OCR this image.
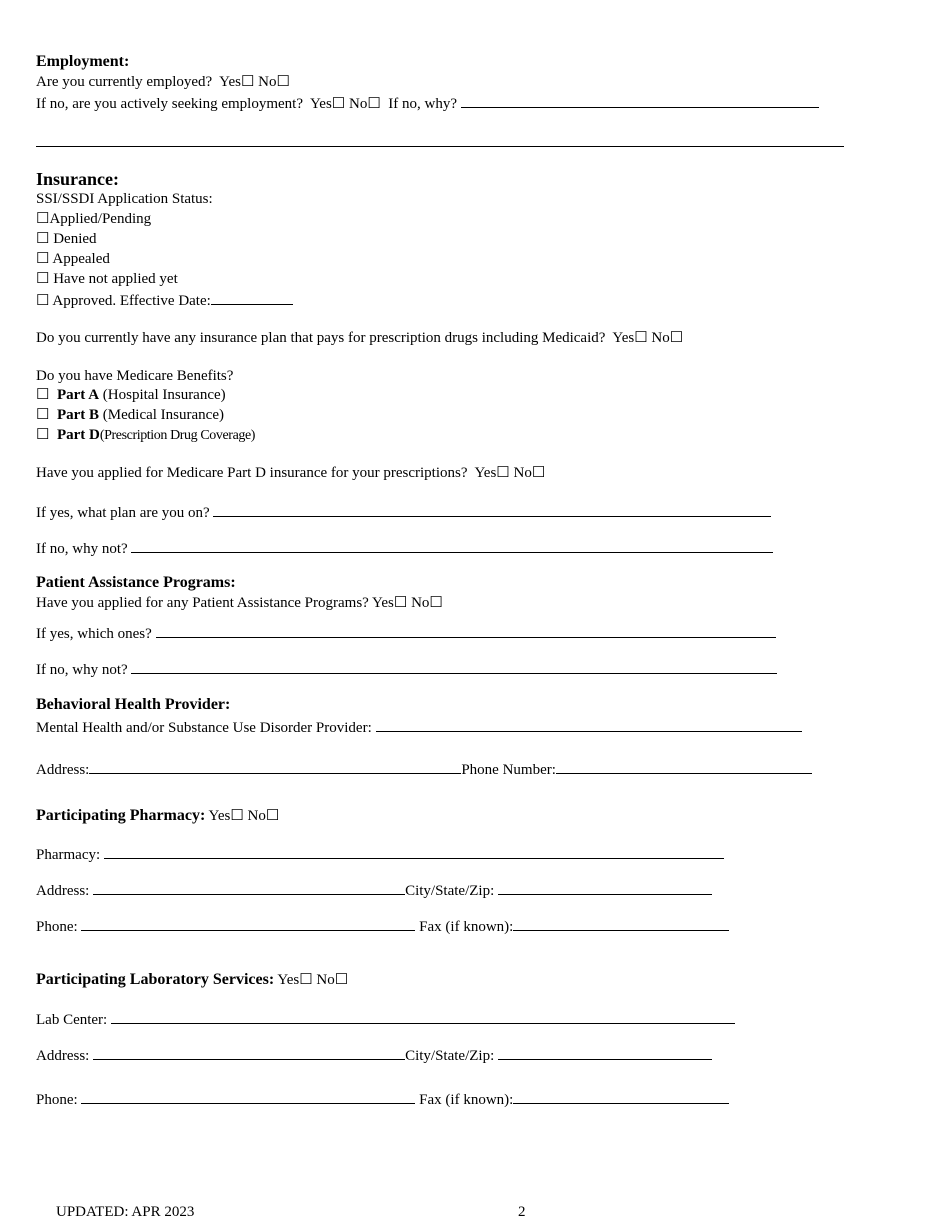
Employment:
Are you currently employed? Yes☐ No☐
If no, are you actively seeking employment? Yes☐ No☐ If no, why?
Insurance:
SSI/SSDI Application Status:
☐Applied/Pending
☐ Denied
☐ Appealed
☐ Have not applied yet
☐ Approved. Effective Date:
Do you currently have any insurance plan that pays for prescription drugs including Medicaid? Yes☐ No☐
Do you have Medicare Benefits?
☐ Part A (Hospital Insurance)
☐ Part B (Medical Insurance)
☐ Part D(Prescription Drug Coverage)
Have you applied for Medicare Part D insurance for your prescriptions? Yes☐ No☐
If yes, what plan are you on?
If no, why not?
Patient Assistance Programs:
Have you applied for any Patient Assistance Programs? Yes☐ No☐
If yes, which ones?
If no, why not?
Behavioral Health Provider:
Mental Health and/or Substance Use Disorder Provider:
Address:	Phone Number:
Participating Pharmacy: Yes☐ No☐
Pharmacy:
Address:	City/State/Zip:
Phone:	Fax (if known):
Participating Laboratory Services: Yes☐ No☐
Lab Center:
Address:	City/State/Zip:
Phone:	Fax (if known):
UPDATED: APR 2023	2
